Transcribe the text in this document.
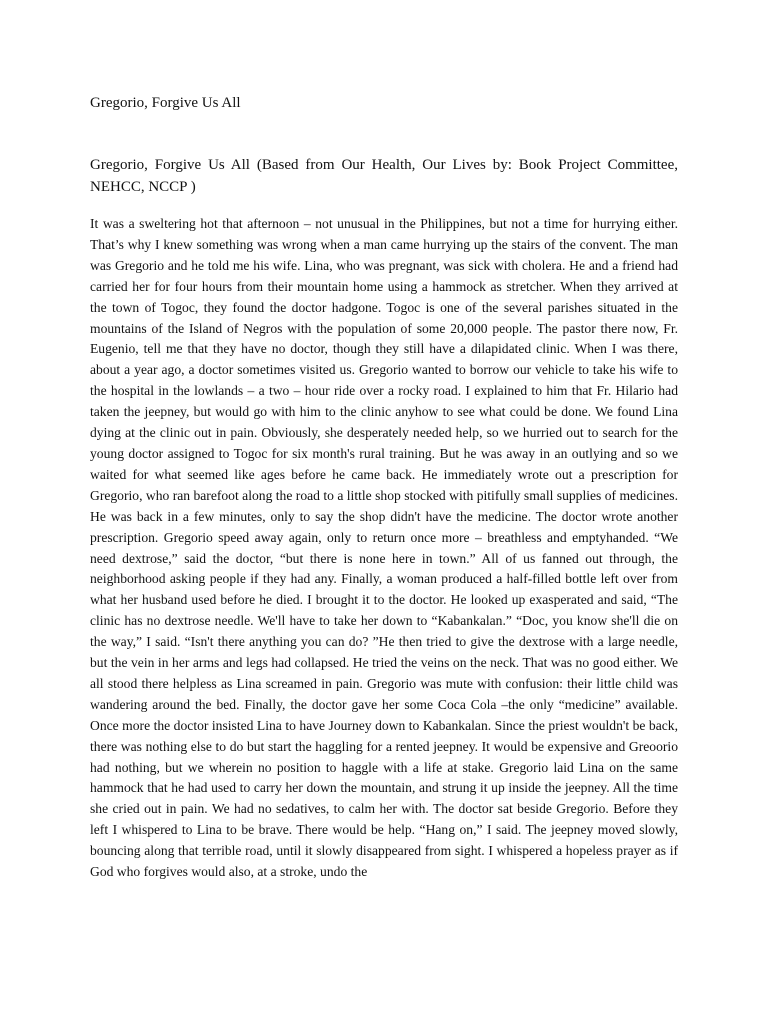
Gregorio, Forgive Us All

Gregorio, Forgive Us All (Based from Our Health, Our Lives by: Book Project Committee, NEHCC, NCCP )

It was a sweltering hot that afternoon – not unusual in the Philippines, but not a time for hurrying either. That’s why I knew something was wrong when a man came hurrying up the stairs of the convent. The man was Gregorio and he told me his wife. Lina, who was pregnant, was sick with cholera. He and a friend had carried her for four hours from their mountain home using a hammock as stretcher. When they arrived at the town of Togoc, they found the doctor hadgone. Togoc is one of the several parishes situated in the mountains of the Island of Negros with the population of some 20,000 people. The pastor there now, Fr. Eugenio, tell me that they have no doctor, though they still have a dilapidated clinic. When I was there, about a year ago, a doctor sometimes visited us. Gregorio wanted to borrow our vehicle to take his wife to the hospital in the lowlands – a two – hour ride over a rocky road. I explained to him that Fr. Hilario had taken the jeepney, but would go with him to the clinic anyhow to see what could be done. We found Lina dying at the clinic out in pain. Obviously, she desperately needed help, so we hurried out to search for the young doctor assigned to Togoc for six month's rural training. But he was away in an outlying and so we waited for what seemed like ages before he came back. He immediately wrote out a prescription for Gregorio, who ran barefoot along the road to a little shop stocked with pitifully small supplies of medicines. He was back in a few minutes, only to say the shop didn't have the medicine. The doctor wrote another prescription. Gregorio speed away again, only to return once more – breathless and emptyhanded. “We need dextrose,” said the doctor, “but there is none here in town.” All of us fanned out through, the neighborhood asking people if they had any. Finally, a woman produced a half-filled bottle left over from what her husband used before he died. I brought it to the doctor. He looked up exasperated and said, “The clinic has no dextrose needle. We'll have to take her down to “Kabankalan.” “Doc, you know she'll die on the way,” I said. “Isn't there anything you can do? ”He then tried to give the dextrose with a large needle, but the vein in her arms and legs had collapsed. He tried the veins on the neck. That was no good either. We all stood there helpless as Lina screamed in pain. Gregorio was mute with confusion: their little child was wandering around the bed. Finally, the doctor gave her some Coca Cola –the only “medicine” available. Once more the doctor insisted Lina to have Journey down to Kabankalan. Since the priest wouldn't be back, there was nothing else to do but start the haggling for a rented jeepney. It would be expensive and Greoorio had nothing, but we wherein no position to haggle with a life at stake. Gregorio laid Lina on the same hammock that he had used to carry her down the mountain, and strung it up inside the jeepney. All the time she cried out in pain. We had no sedatives, to calm her with. The doctor sat beside Gregorio. Before they left I whispered to Lina to be brave. There would be help. “Hang on,” I said. The jeepney moved slowly, bouncing along that terrible road, until it slowly disappeared from sight. I whispered a hopeless prayer as if God who forgives would also, at a stroke, undo the
